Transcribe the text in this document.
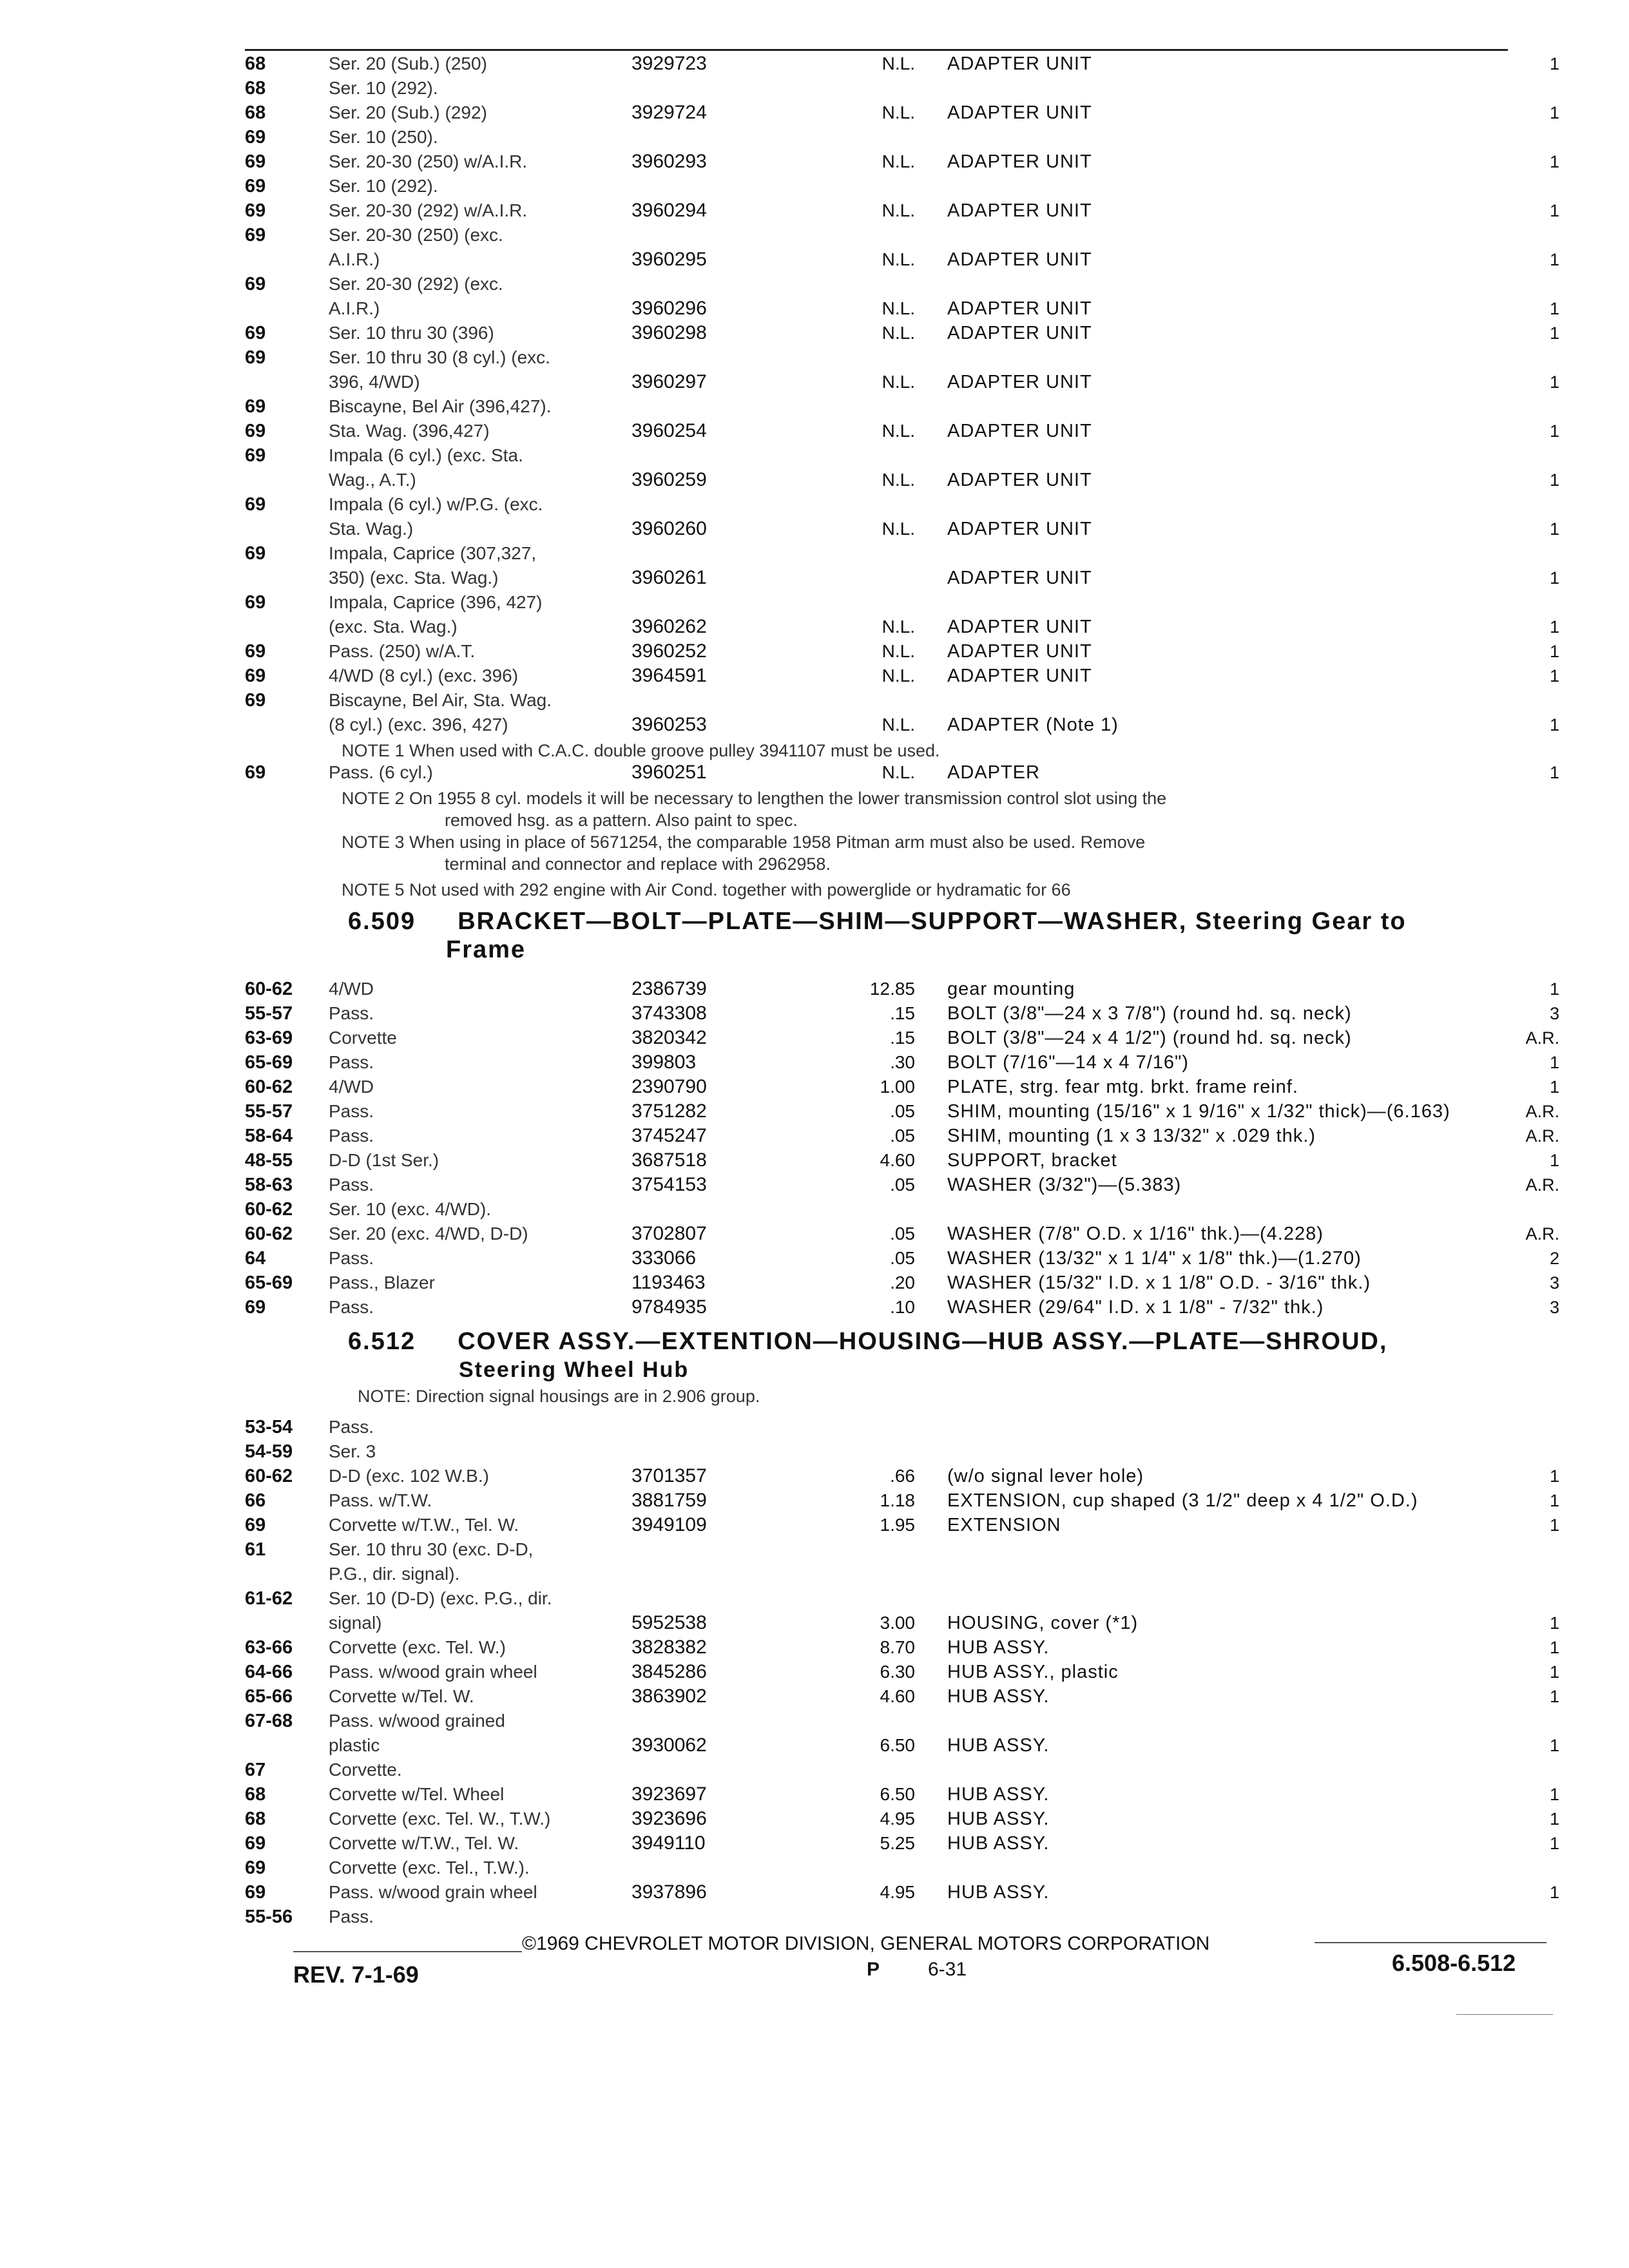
68	Ser. 20 (Sub.) (250)	3929723	N.L. ADAPTER UNIT	1
68	Ser. 10 (292).
68	Ser. 20 (Sub.) (292)	3929724	N.L. ADAPTER UNIT	1
69	Ser. 10 (250).
69	Ser. 20-30 (250) w/A.I.R.	3960293	N.L. ADAPTER UNIT	1
69	Ser. 10 (292).
69	Ser. 20-30 (292) w/A.I.R.	3960294	N.L. ADAPTER UNIT	1
69	Ser. 20-30 (250) (exc.
A.I.R.)	3960295	N.L. ADAPTER UNIT	1
69	Ser. 20-30 (292) (exc.
A.I.R.)	3960296	N.L. ADAPTER UNIT	1
69	Ser. 10 thru 30 (396)	3960298	N.L. ADAPTER UNIT	1
69	Ser. 10 thru 30 (8 cyl.) (exc.
396, 4/WD)	3960297	N.L. ADAPTER UNIT	1
69	Biscayne, Bel Air (396,427).
69	Sta. Wag. (396,427)	3960254	N.L. ADAPTER UNIT	1
69	Impala (6 cyl.) (exc. Sta.
Wag., A.T.)	3960259	N.L. ADAPTER UNIT	1
69	Impala (6 cyl.) w/P.G. (exc.
Sta. Wag.)	3960260	N.L. ADAPTER UNIT	1
69	Impala, Caprice (307,327,
350) (exc. Sta. Wag.)	3960261	ADAPTER UNIT	1
69	Impala, Caprice (396, 427)
(exc. Sta. Wag.)	3960262	N.L. ADAPTER UNIT	1
69	Pass. (250) w/A.T.	3960252	N.L. ADAPTER UNIT	1
69	4/WD (8 cyl.) (exc. 396)	3964591	N.L. ADAPTER UNIT	1
69	Biscayne, Bel Air, Sta. Wag.
(8 cyl.) (exc. 396, 427)	3960253	N.L. ADAPTER (Note 1)	1
NOTE 1 When used with C.A.C. double groove pulley 3941107 must be used.
69	Pass. (6 cyl.)	3960251	N.L. ADAPTER	1
NOTE 2 On 1955 8 cyl. models it will be necessary to lengthen the lower transmission control slot using the
removed hsg. as a pattern. Also paint to spec.
NOTE 3 When using in place of 5671254, the comparable 1958 Pitman arm must also be used. Remove
terminal and connector and replace with 2962958.
NOTE 5 Not used with 292 engine with Air Cond. together with powerglide or hydramatic for 66
6.509 BRACKET—BOLT—PLATE—SHIM—SUPPORT—WASHER, Steering Gear to
Frame
60-62	4/WD	2386739	12.85 gear mounting	1
55-57	Pass.	3743308	.15 BOLT (3/8"—24 x 3 7/8") (round hd. sq. neck)	3
63-69	Corvette	3820342	.15 BOLT (3/8"—24 x 4 1/2") (round hd. sq. neck)	A.R.
65-69	Pass.	399803	.30 BOLT (7/16"—14 x 4 7/16")	1
60-62	4/WD	2390790	1.00 PLATE, strg. fear mtg. brkt. frame reinf.	1
55-57	Pass.	3751282	.05 SHIM, mounting (15/16" x 1 9/16" x 1/32" thick)—(6.163)	A.R.
58-64	Pass.	3745247	.05 SHIM, mounting (1 x 3 13/32" x .029 thk.)	A.R.
48-55	D-D (1st Ser.)	3687518	4.60 SUPPORT, bracket	1
58-63	Pass.	3754153	.05 WASHER (3/32")—(5.383)	A.R.
60-62	Ser. 10 (exc. 4/WD).
60-62	Ser. 20 (exc. 4/WD, D-D)	3702807	.05 WASHER (7/8" O.D. x 1/16" thk.)—(4.228)	A.R.
64	Pass.	333066	.05 WASHER (13/32" x 1 1/4" x 1/8" thk.)—(1.270)	2
65-69	Pass., Blazer	1193463	.20 WASHER (15/32" I.D. x 1 1/8" O.D. - 3/16" thk.)	3
69	Pass.	9784935	.10 WASHER (29/64" I.D. x 1 1/8" - 7/32" thk.)	3
6.512 COVER ASSY.—EXTENTION—HOUSING—HUB ASSY.—PLATE—SHROUD,
Steering Wheel Hub
NOTE: Direction signal housings are in 2.906 group.
53-54	Pass.
54-59	Ser. 3
60-62	D-D (exc. 102 W.B.)	3701357	.66 (w/o signal lever hole)	1
66	Pass. w/T.W.	3881759	1.18 EXTENSION, cup shaped (3 1/2" deep x 4 1/2" O.D.)	1
69	Corvette w/T.W., Tel. W.	3949109	1.95 EXTENSION	1
61	Ser. 10 thru 30 (exc. D-D,
P.G., dir. signal).
61-62	Ser. 10 (D-D) (exc. P.G., dir.
signal)	5952538	3.00 HOUSING, cover (*1)	1
63-66	Corvette (exc. Tel. W.)	3828382	8.70 HUB ASSY.	1
64-66	Pass. w/wood grain wheel	3845286	6.30 HUB ASSY., plastic	1
65-66	Corvette w/Tel. W.	3863902	4.60 HUB ASSY.	1
67-68	Pass. w/wood grained
plastic	3930062	6.50 HUB ASSY.	1
67	Corvette.
68	Corvette w/Tel. Wheel	3923697	6.50 HUB ASSY.	1
68	Corvette (exc. Tel. W., T.W.)	3923696	4.95 HUB ASSY.	1
69	Corvette w/T.W., Tel. W.	3949110	5.25 HUB ASSY.	1
69	Corvette (exc. Tel., T.W.).
69	Pass. w/wood grain wheel	3937896	4.95 HUB ASSY.	1
55-56	Pass.
©1969 CHEVROLET MOTOR DIVISION, GENERAL MOTORS CORPORATION
REV. 7-1-69	P 6-31	6.508-6.512
